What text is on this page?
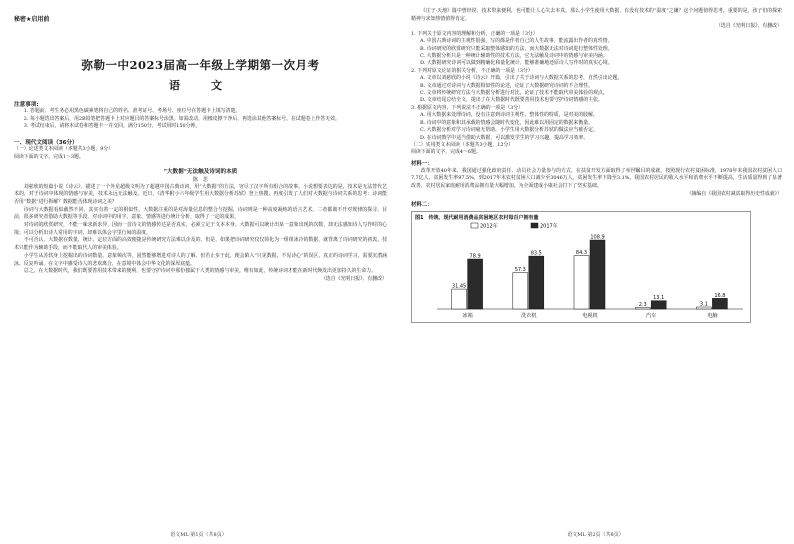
秘密★启用前
弥勒一中2023届高一年级上学期第一次月考
语　文
注意事项:

1. 答题前，考生务必用黑色碳素笔将自己的姓名、准考证号、考场号、座位号在答题卡上填写清楚。

2. 每小题选出答案后，用2B铅笔把答题卡上对应题目的答案标号涂黑。如需改动，用橡皮擦干净后，再选涂其他答案标号。在试题卷上作答无效。

3. 考试结束后，请将本试卷和答题卡一并交回。满分150分，考试用时150分钟。

一、现代文阅读（36分）

（一）论述类文本阅读（本题共3小题，9分）

阅读下面的文字，完成1～3题。

“大数据”无法触及诗词的本质
陈　思

刘慈欣的短篇小说《诗云》，描述了一个外星超级文明为了超越中国古典诗词，用“大数据”的方法，穷尽了汉字所有组合的故事。小说想要表达的是，技术是无法替代艺术的，对于诗词中体现的情感与审美，技术永远无法触及。近日，《清华附小六年级学生用大数据分析苏轼》登上热搜，再度引发了人们对大数据与诗词关系的思考：诗词能否用“数据”进行拆解？数据能否体现诗词之美？

诗词与大数据看似截然不同，其实有着一定的相似性。大数据注重的是对海量信息的整合与挖掘，诗词则是一种高度凝练的语言艺术，二者都离不开对规律的探寻。目前，很多研究者借助大数据等手段，对诗词中的用字、意象、情感等进行统计分析，取得了一定的成果。

对诗词的欣赏研究，不能一味求新求异，因而一首诗文的情感传达是否真实，必须立足于文本本身。大数据可以统计出某一意象出现的次数，却无法感知诗人写作时的心境；可以分析出诗人常用的字词，却难以体会字里行间的温度。

不可否认，大数据在数量、统计、定位方面的高效便捷是传统研究方法难以企及的。但是，如果把诗词研究仅仅简化为一组组冰冷的数据，就背离了诗词研究的初衷。技术只能作为辅助手段，而不能取代人的审美体验。

小学生从苏轼身上挖掘出的诗词数量、意象频次等，固然能够增进对诗人的了解，但若止步于此，便会陷入“只见数据、不见诗心”的误区。真正的诗词学习，需要沉潜涵泳、反复吟诵，在文字中感受诗人的悲欢离合，在意境中体会中华文化的深厚底蕴。

总之，在大数据时代，我们既要善用技术带来的便利，也要守护诗词中那份独属于人类的情感与审美。唯有如此，传统诗词才能在新时代焕发出更加持久的生命力。

（选自《光明日报》，有删改）

语文ML·第1页（共8页）

《庄子·天地》篇中曾经说，技术带来便利，也可能让人心失去本真。那么小学生使用大数据，有没有技术的“温度”之嫌？这个问题值得思考，重要的是，孩子们的探索精神与求知热情值得肯定。

（选自《光明日报》，有删改）

1. 下列关于原文内容的理解和分析，正确的一项是（3分）

A. 中国古典诗词的主观性很强，写的都是作者自己的人生故事，能流露出作者的真性情。

B. 诗词研究的欣赏研究只能采取整体感知的方法，而大数据无法对诗词进行整体性处理。

C. 大数据分析只是一种统计辅助性的技术方法，它无法触及诗词中的情感与审美内涵。

D. 大数据研究诗词可以做到精确化和量化统计，能够准确地还原诗人写作时的真实心境。

2. 下列对原文论证的相关分析，不正确的一项是（3分）

A. 文章以刘慈欣的小说《诗云》开篇，引出了关于诗词与大数据关系的思考，自然引出论题。

B. 文章通过对诗词与大数据相似性的论述，论证了大数据研究诗词的不合理性。

C. 文章将传统研究方法与大数据分析进行对比，论证了技术不能取代审美体验的观点。

D. 文章结尾总结全文，提出了在大数据时代既要善用技术也要守护诗词情感的主张。

3. 根据原文内容，下列说法不正确的一项是（3分）

A. 用大数据来处理诗词，没有注意到诗词主观性、整体性的特质，是对美的肢解。

B. 诗词中的意象和其承载的情感会随时代变化，因此难以用固定的数据来衡量。

C. 大数据分析对学习诗词毫无帮助，小学生用大数据分析苏轼的做法应当被否定。

D. 在诗词教学中适当借助大数据，可以激发学生的学习兴趣，提高学习效率。

（二）实用类文本阅读（本题共3小题，12分）

阅读下面的文字，完成4～6题。

材料一：

改革开放40年来，我国通过强化政府责任、动员社会力量参与的方式，在扶贫开发方面取得了举世瞩目的成就。按照现行农村贫困标准，1978年末我国农村贫困人口7.7亿人，贫困发生率97.5%，到2017年末农村贫困人口减少至3046万人，贫困发生率下降至3.1%。我国农村居民的收入水平和消费水平不断提高，生活质量得到了显著改善，农村居民家庭耐用消费品拥有量大幅增加，为全面建成小康社会打下了坚实基础。

（摘编自《我国农村减贫取得历史性成就》）

材料二：
图1　传统、现代耐用消费品贫困地区农村每百户拥有量
2012年	2017年
31.45
78.9
冰箱
57.3
83.5
洗衣机
84.3
108.9
电视机
2.3
13.1
汽车
3.1
16.8
电脑
语文ML·第2页（共8页）
